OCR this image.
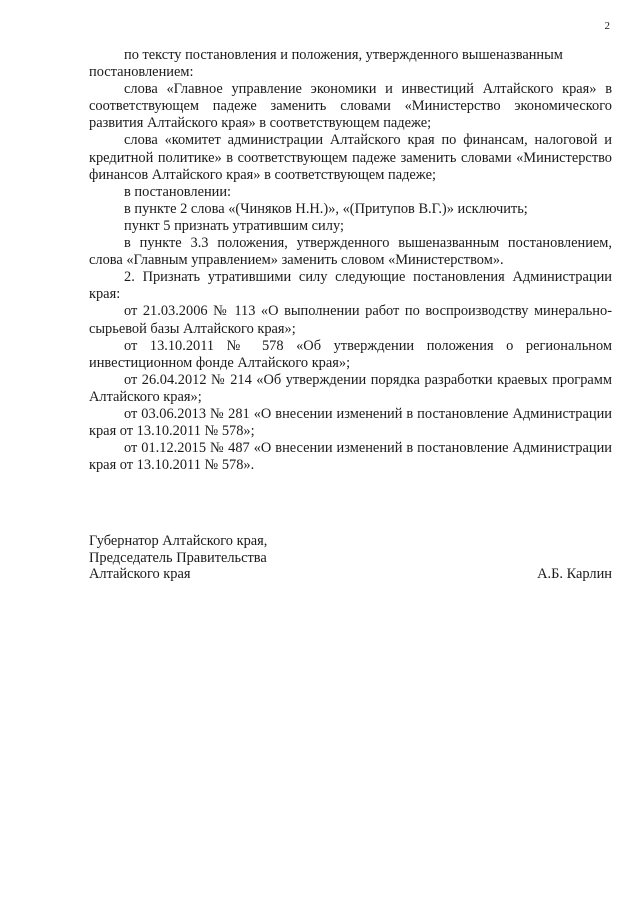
2

по тексту постановления и положения, утвержденного вышеназванным

постановлением:

слова «Главное управление экономики и инвестиций Алтайского края» в соответствующем падеже заменить словами «Министерство экономического развития Алтайского края» в соответствующем падеже;

слова «комитет администрации Алтайского края по финансам, налоговой и кредитной политике» в соответствующем падеже заменить словами «Министерство финансов Алтайского края» в соответствующем падеже;

в постановлении:

в пункте 2 слова «(Чиняков Н.Н.)», «(Притупов В.Г.)» исключить;

пункт 5 признать утратившим силу;

в пункте 3.3 положения, утвержденного вышеназванным постановлением, слова «Главным управлением» заменить словом «Министерством».

2. Признать утратившими силу следующие постановления Администрации края:

от 21.03.2006 № 113 «О выполнении работ по воспроизводству минерально-сырьевой базы Алтайского края»;

от 13.10.2011 № 578 «Об утверждении положения о региональном инвестиционном фонде Алтайского края»;

от 26.04.2012 № 214 «Об утверждении порядка разработки краевых программ Алтайского края»;

от 03.06.2013 № 281 «О внесении изменений в постановление Администрации края от 13.10.2011 № 578»;

от 01.12.2015 № 487 «О внесении изменений в постановление Администрации края от 13.10.2011 № 578».

Губернатор Алтайского края,
Председатель Правительства
Алтайского края	А.Б. Карлин
